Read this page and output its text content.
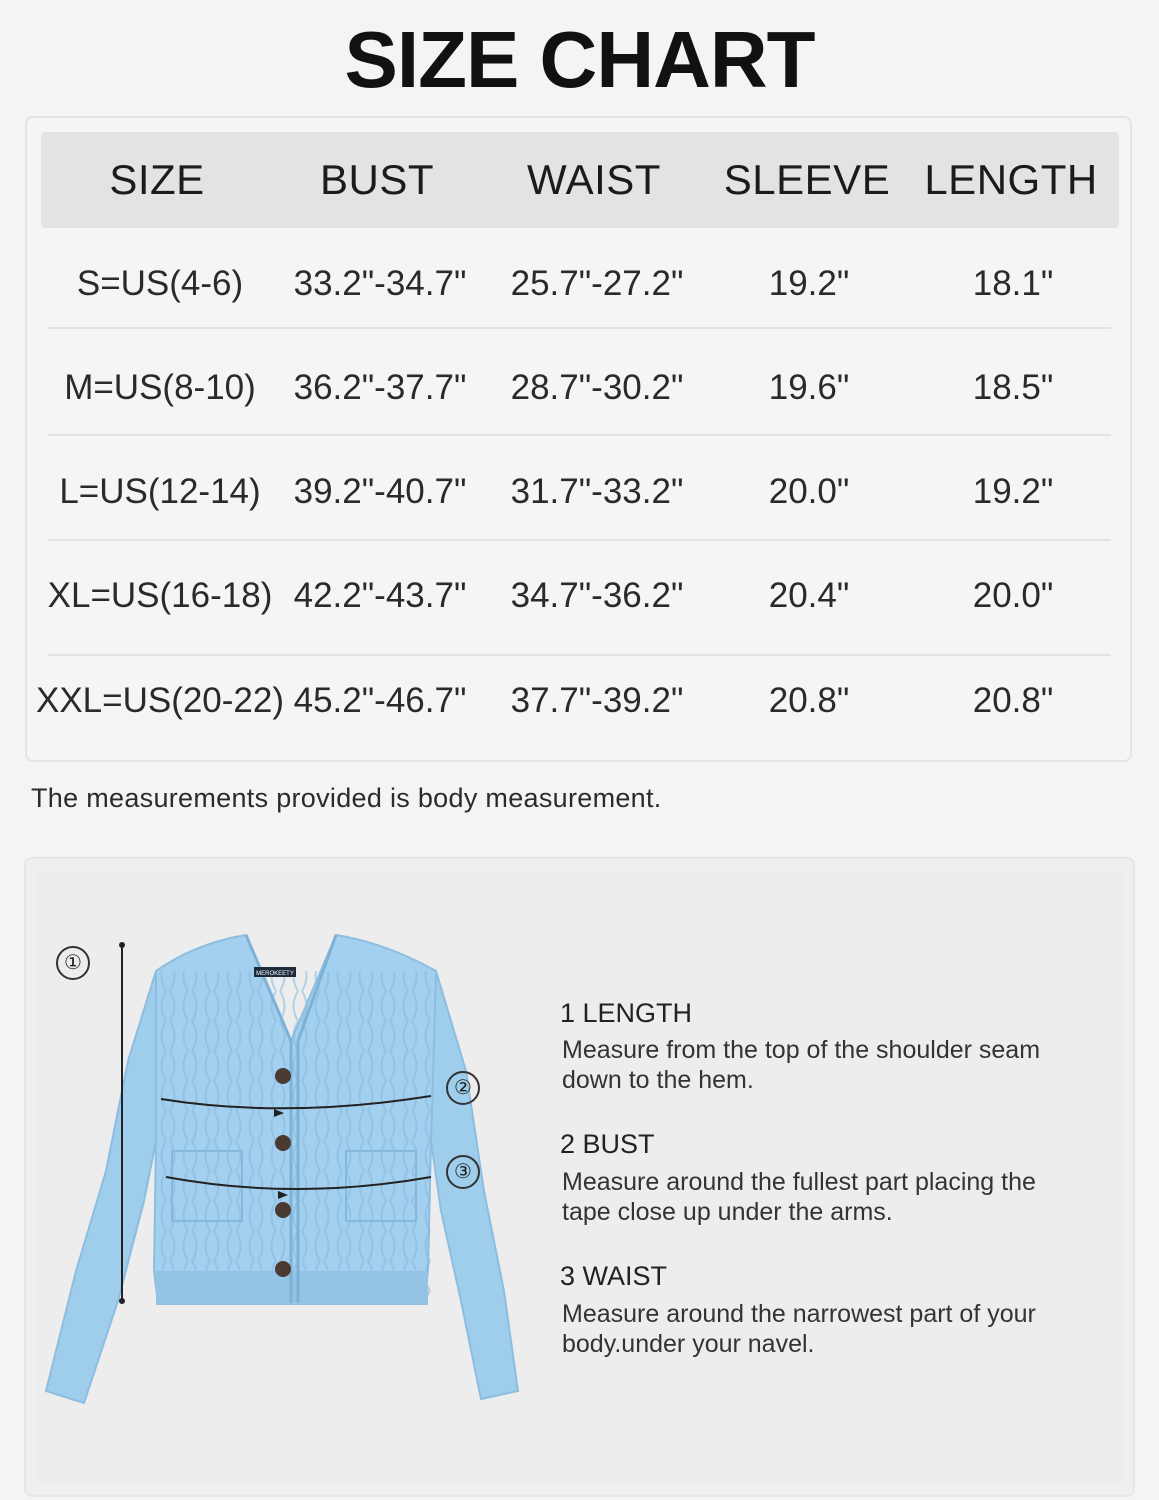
SIZE CHART
SIZE	BUST WAIST SLEEVE LENGTH
S=US(4-6) 33.2"-34.7" 25.7"-27.2" 19.2"	18.1"
M=US(8-10) 36.2"-37.7" 28.7"-30.2" 19.6"	18.5"
L=US(12-14) 39.2"-40.7" 31.7"-33.2" 20.0"	19.2"
XL=US(16-18) 42.2"-43.7" 34.7"-36.2" 20.4"	20.0"
XXL=US(20-22) 45.2"-46.7" 37.7"-39.2" 20.8"	20.8"
The measurements provided is body measurement.
MEROKEETY
①
②
③
1 LENGTH
Measure from the top of the shoulder seam down to the hem.
2 BUST
Measure around the fullest part placing the tape close up under the arms.
3 WAIST
Measure around the narrowest part of your body.under your navel.
